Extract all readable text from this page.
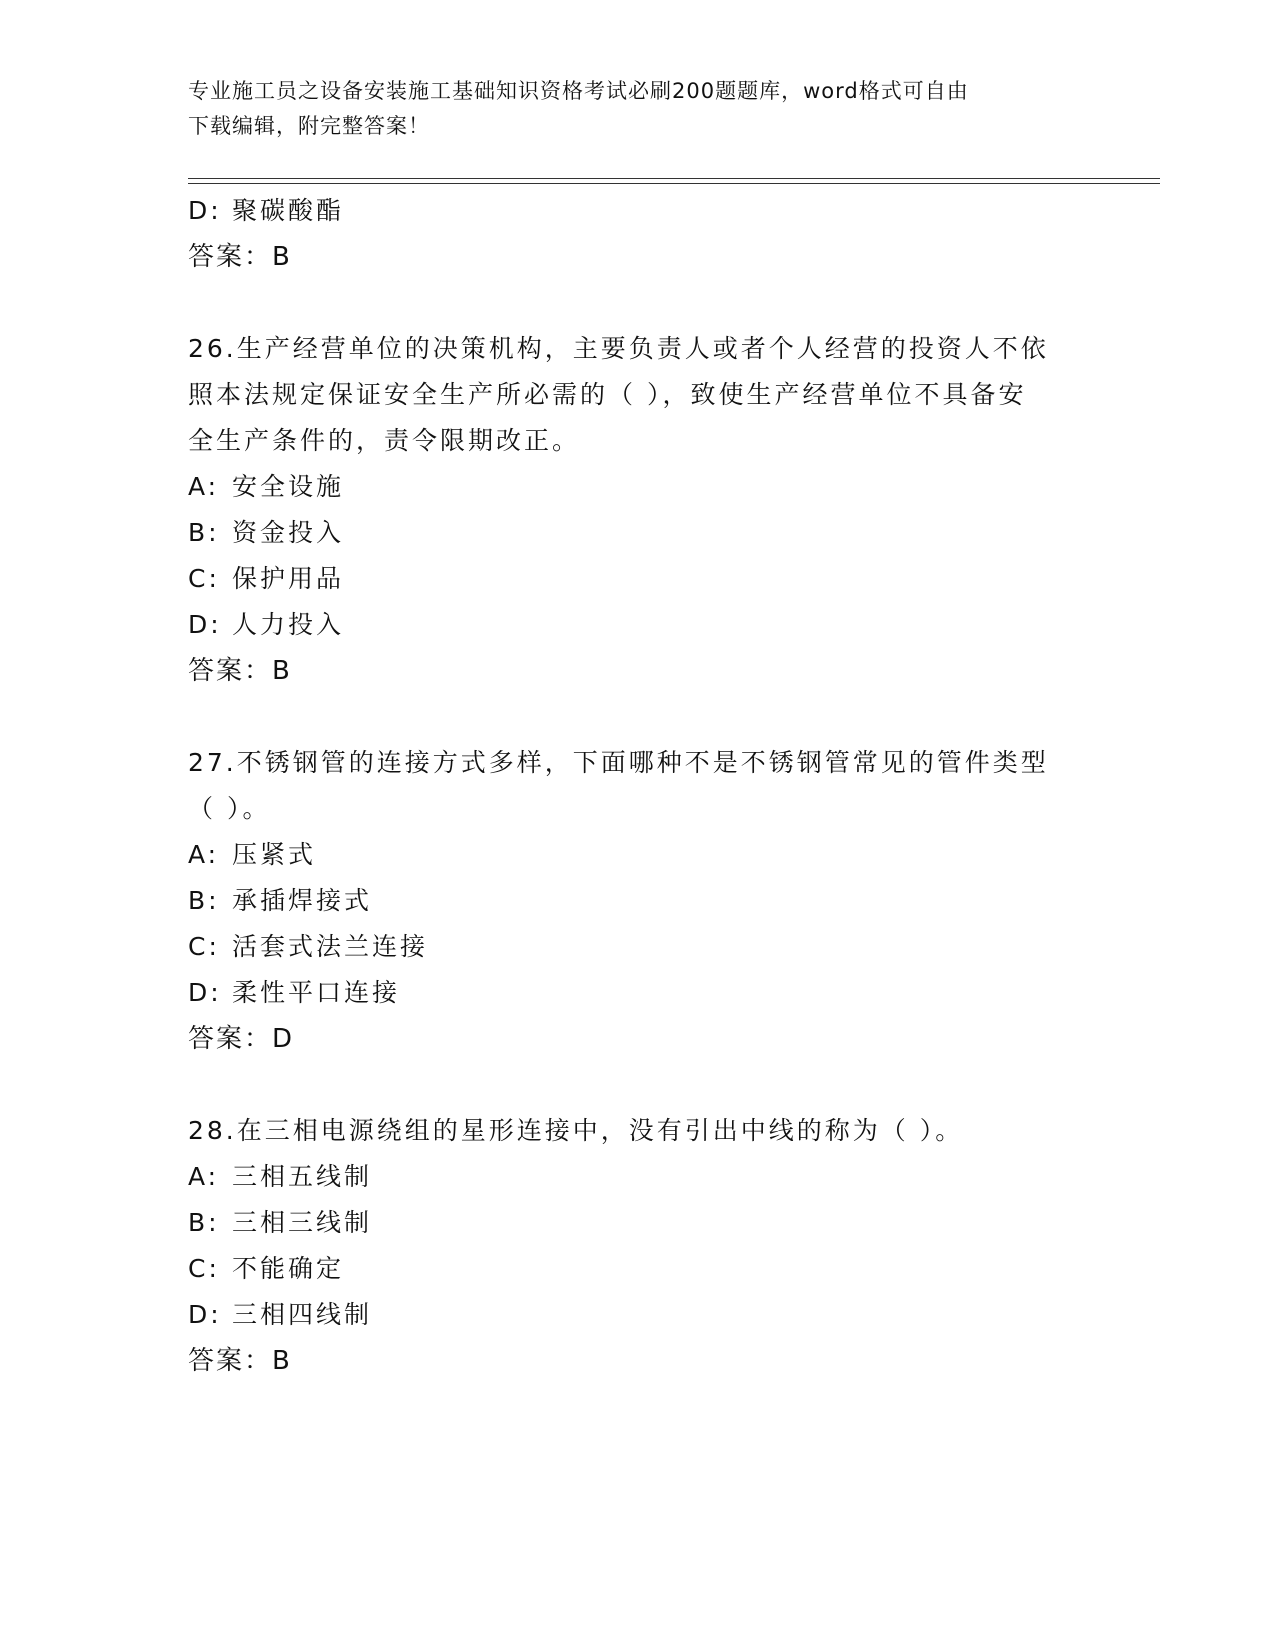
专业施工员之设备安装施工基础知识资格考试必刷200题题库，word格式可自由
下载编辑，附完整答案！
D: 聚碳酸酯
答案：B
26.生产经营单位的决策机构，主要负责人或者个人经营的投资人不依
照本法规定保证安全生产所必需的（ ），致使生产经营单位不具备安
全生产条件的，责令限期改正。
A: 安全设施
B: 资金投入
C: 保护用品
D: 人力投入
答案：B
27.不锈钢管的连接方式多样，下面哪种不是不锈钢管常见的管件类型
（ ）。
A: 压紧式
B: 承插焊接式
C: 活套式法兰连接
D: 柔性平口连接
答案：D
28.在三相电源绕组的星形连接中，没有引出中线的称为（ ）。
A: 三相五线制
B: 三相三线制
C: 不能确定
D: 三相四线制
答案：B
